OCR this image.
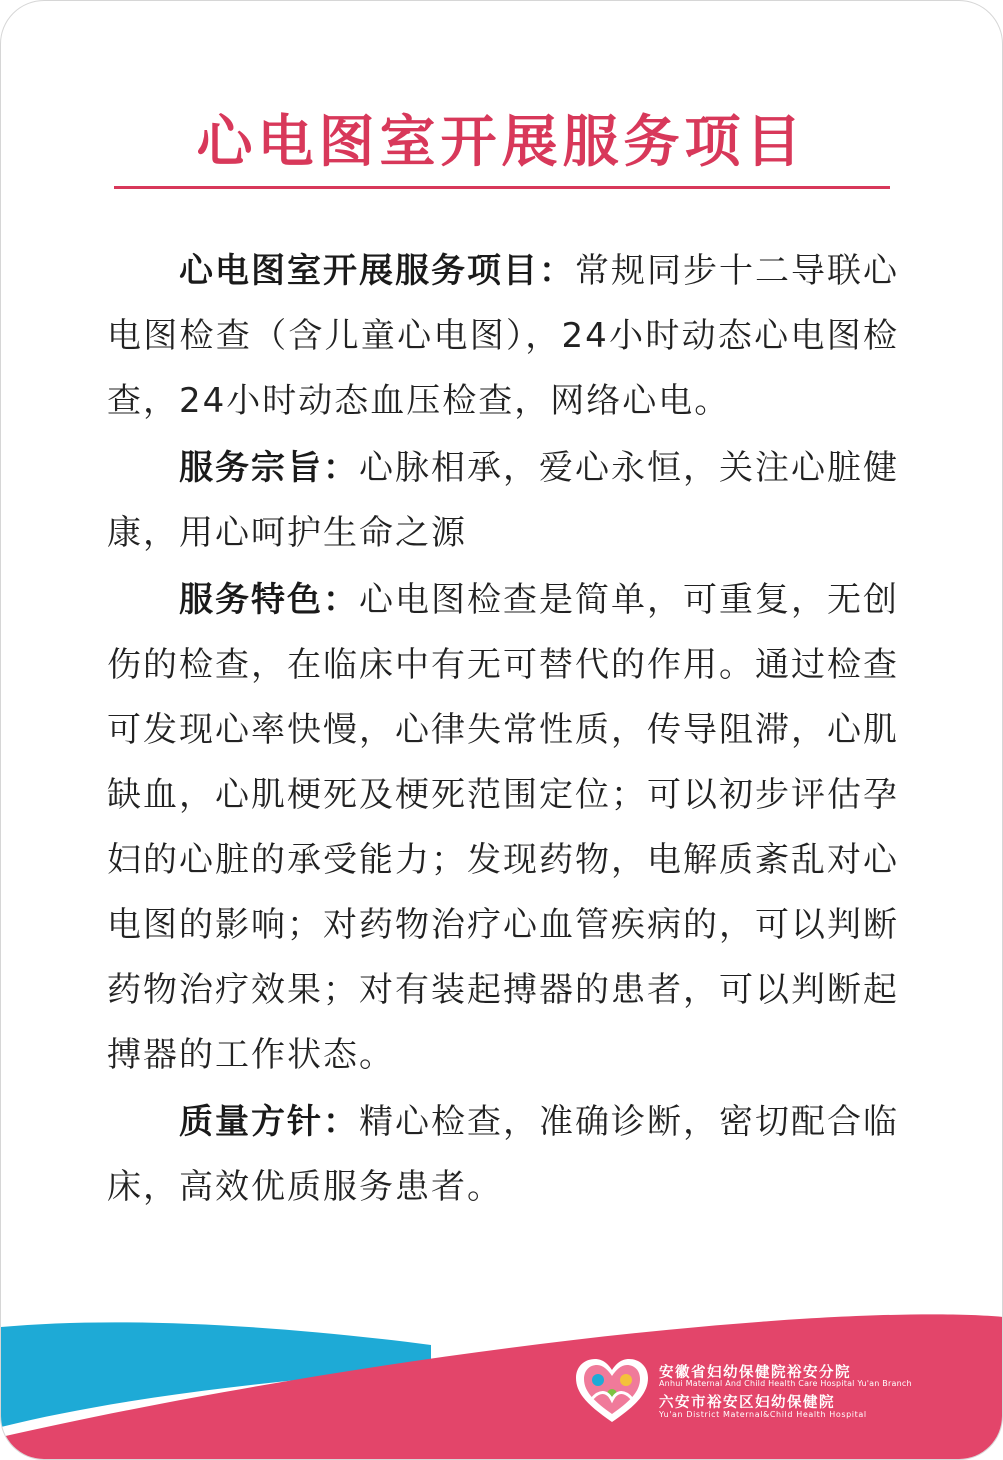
心电图室开展服务项目

心电图室开展服务项目：常规同步十二导联心电图检查（含儿童心电图），24小时动态心电图检查，24小时动态血压检查，网络心电。

服务宗旨：心脉相承，爱心永恒，关注心脏健康，用心呵护生命之源

服务特色：心电图检查是简单，可重复，无创伤的检查，在临床中有无可替代的作用。通过检查可发现心率快慢，心律失常性质，传导阻滞，心肌缺血，心肌梗死及梗死范围定位；可以初步评估孕妇的心脏的承受能力；发现药物，电解质紊乱对心电图的影响；对药物治疗心血管疾病的，可以判断药物治疗效果；对有装起搏器的患者，可以判断起搏器的工作状态。

质量方针：精心检查，准确诊断，密切配合临床，高效优质服务患者。

安徽省妇幼保健院裕安分院
Anhui Maternal And Child Health Care Hospital Yu'an Branch
六安市裕安区妇幼保健院
Yu'an District Maternal&Child Health Hospital
